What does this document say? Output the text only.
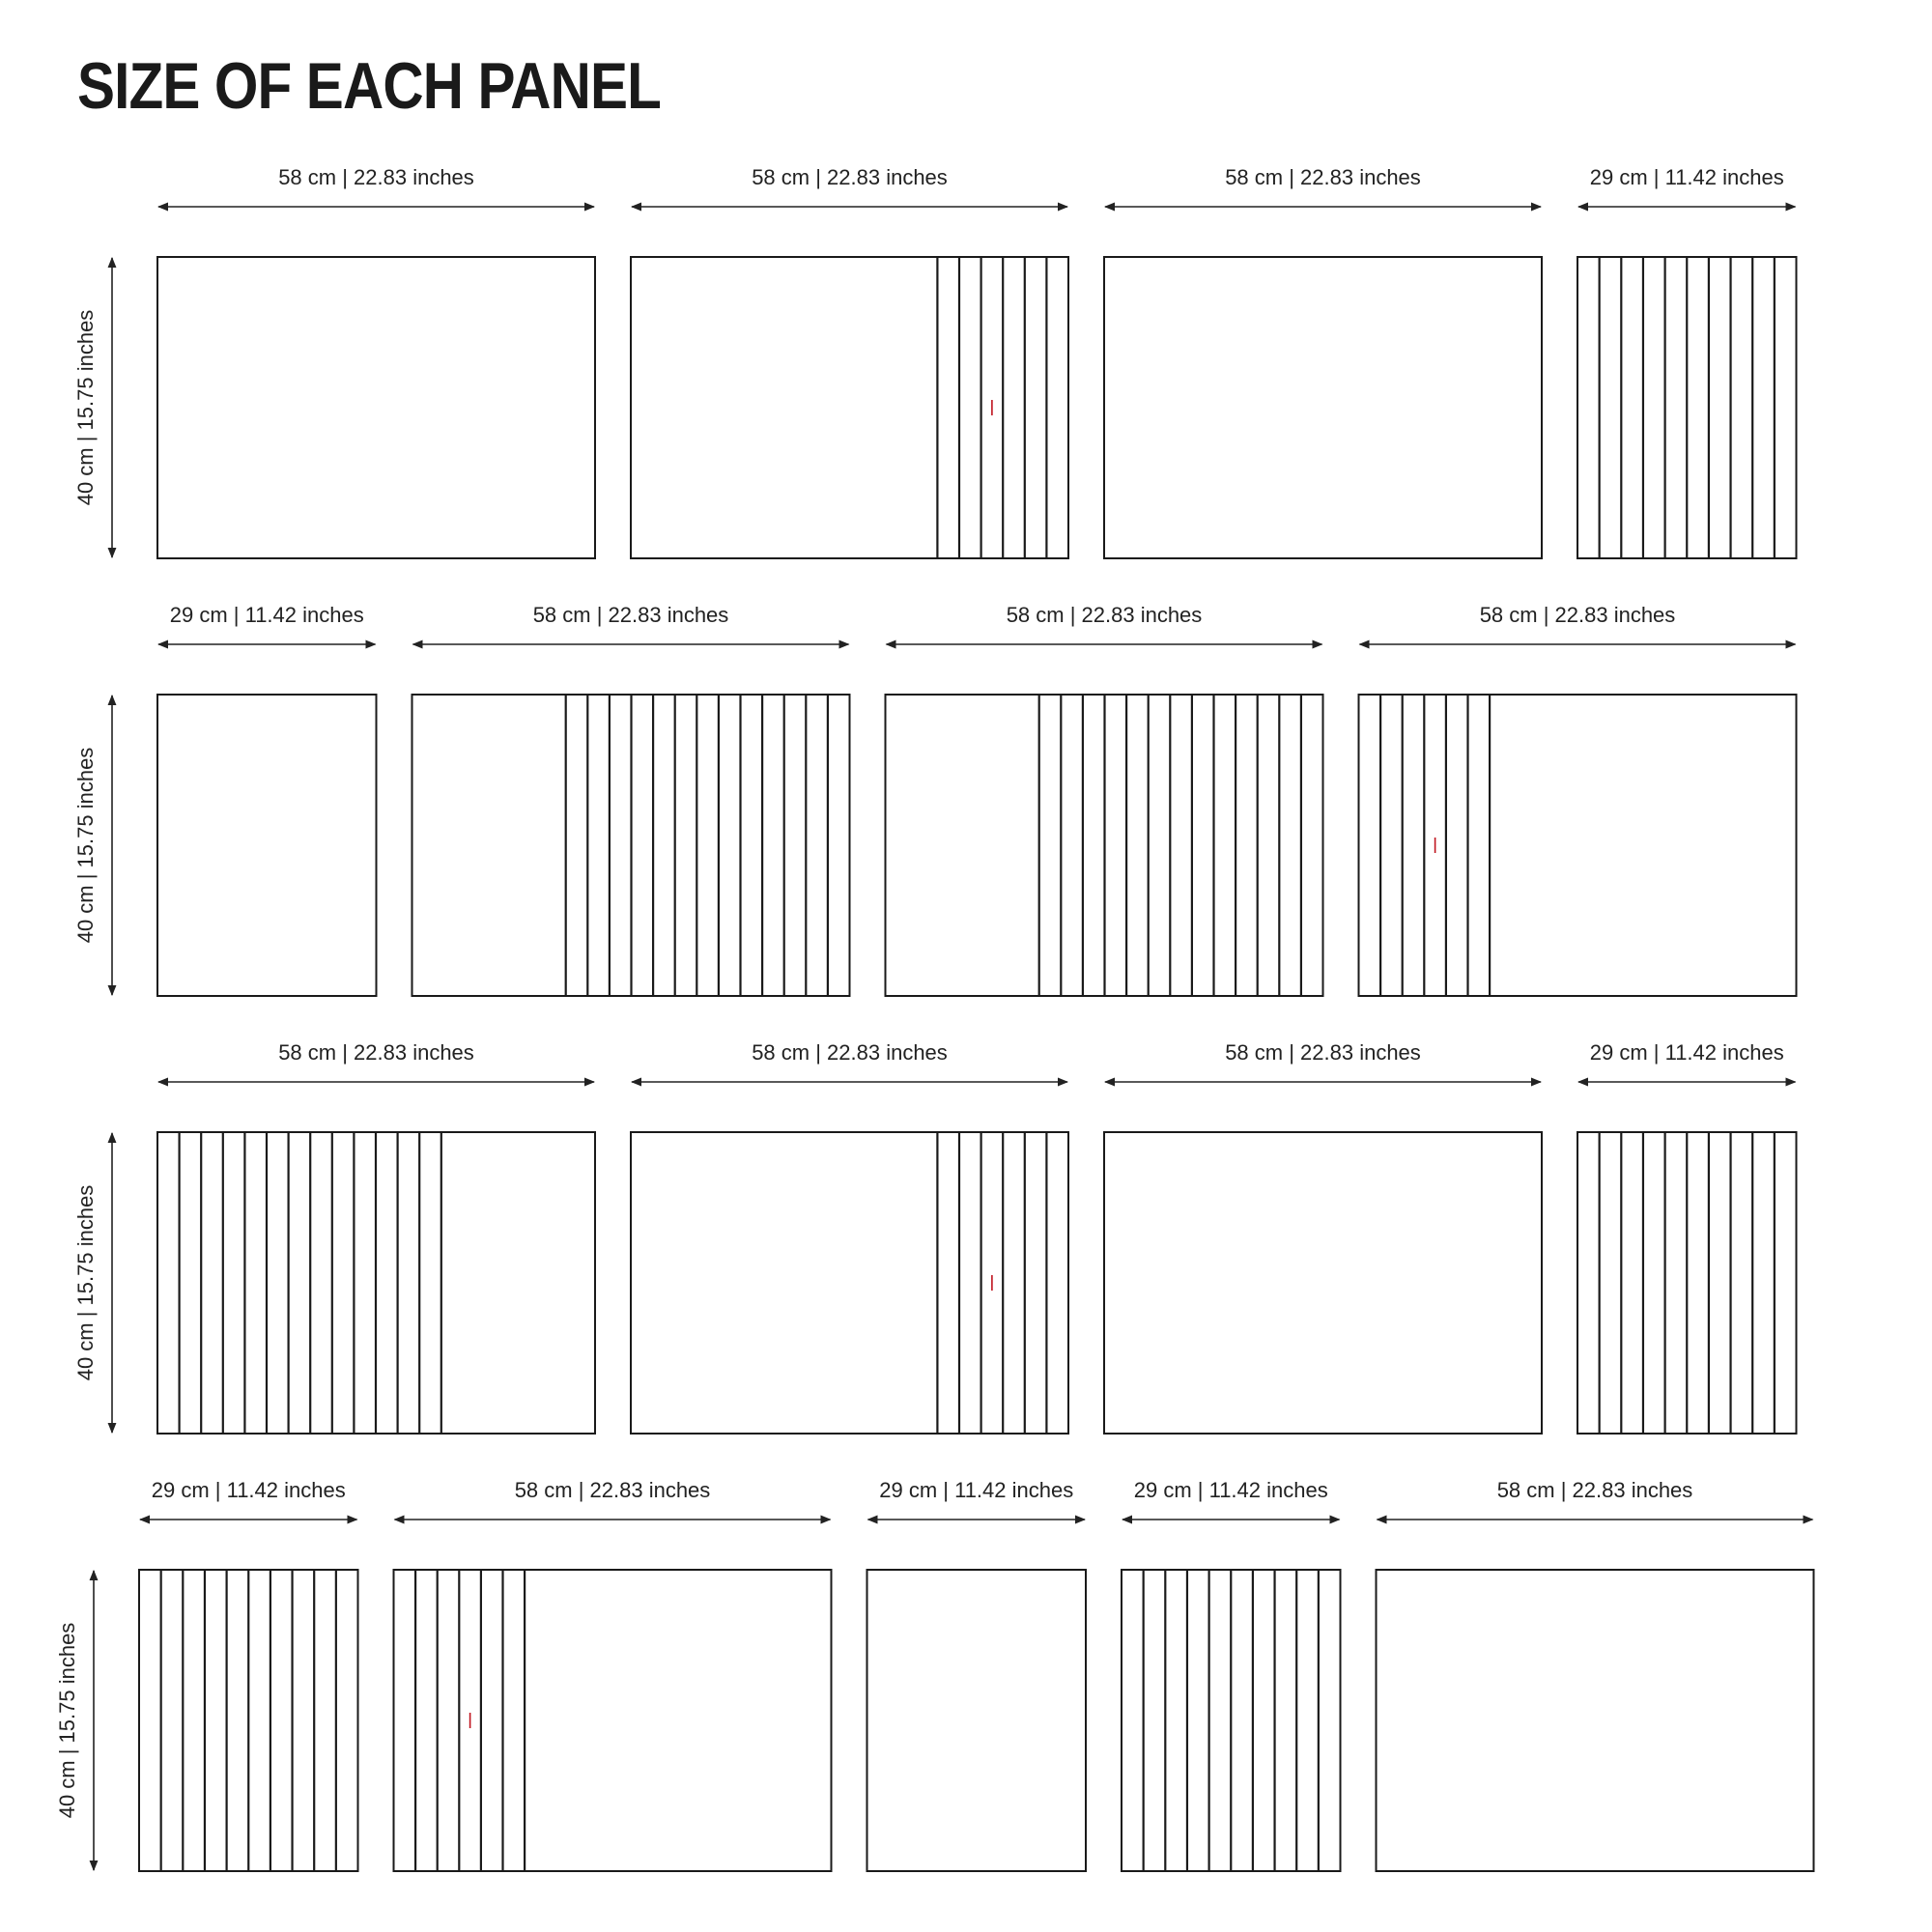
SIZE OF EACH PANEL
40 cm | 15.75 inches
58 cm | 22.83 inches	58 cm | 22.83 inches	58 cm | 22.83 inches	29 cm | 11.42 inches
40 cm | 15.75 inches
29 cm | 11.42 inches	58 cm | 22.83 inches	58 cm | 22.83 inches	58 cm | 22.83 inches
40 cm | 15.75 inches
58 cm | 22.83 inches	58 cm | 22.83 inches	58 cm | 22.83 inches	29 cm | 11.42 inches
40 cm | 15.75 inches
29 cm | 11.42 inches	58 cm | 22.83 inches	29 cm | 11.42 inches	29 cm | 11.42 inches	58 cm | 22.83 inches
